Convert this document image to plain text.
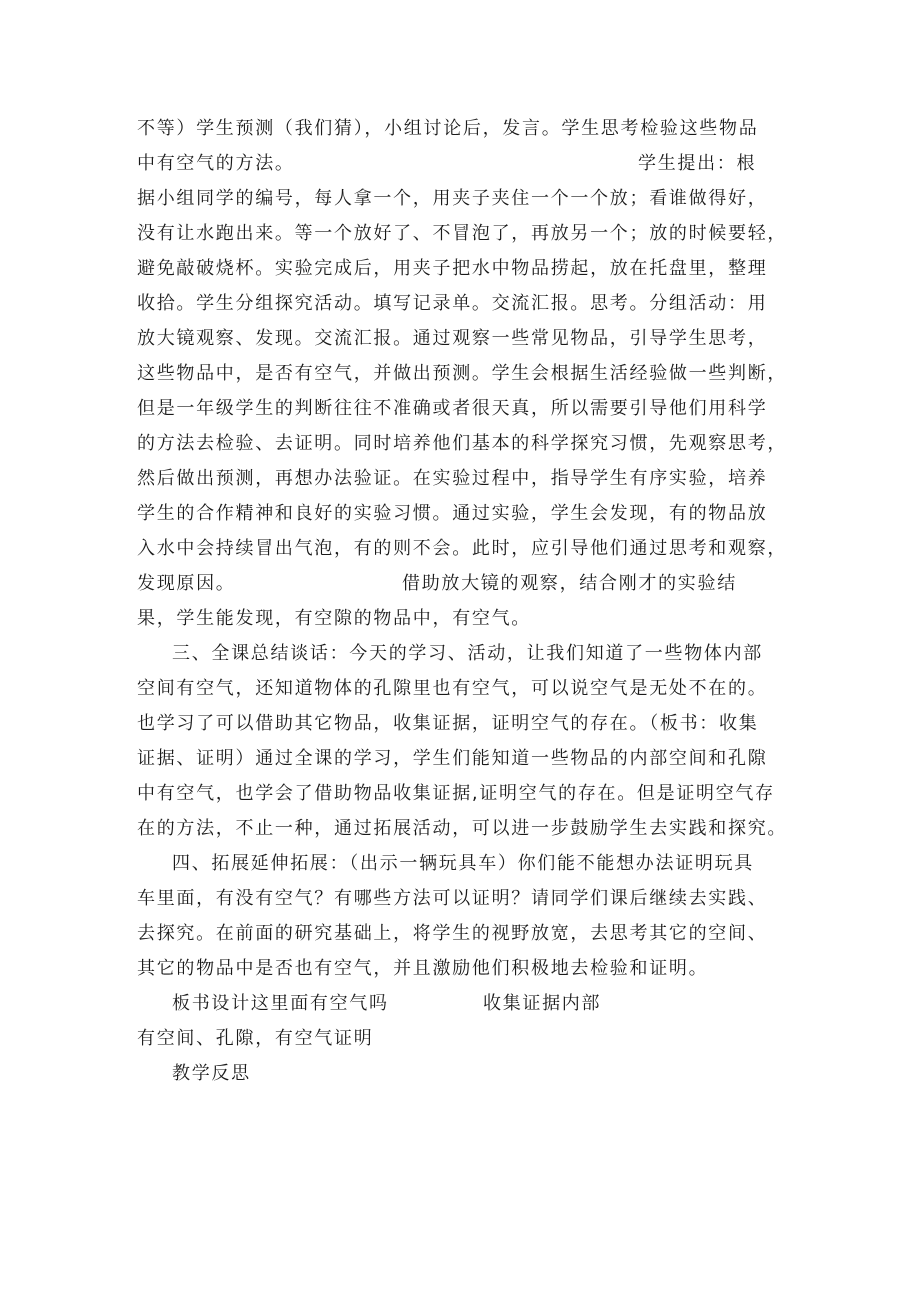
不等）学生预测（我们猜），小组讨论后，发言。学生思考检验这些物品
中有空气的方法。	学生提出：根
据小组同学的编号，每人拿一个，用夹子夹住一个一个放；看谁做得好，
没有让水跑出来。等一个放好了、不冒泡了，再放另一个；放的时候要轻，
避免敲破烧杯。实验完成后，用夹子把水中物品捞起，放在托盘里，整理
收拾。学生分组探究活动。填写记录单。交流汇报。思考。分组活动：用
放大镜观察、发现。交流汇报。通过观察一些常见物品，引导学生思考，
这些物品中，是否有空气，并做出预测。学生会根据生活经验做一些判断，
但是一年级学生的判断往往不准确或者很天真，所以需要引导他们用科学
的方法去检验、去证明。同时培养他们基本的科学探究习惯，先观察思考，
然后做出预测，再想办法验证。在实验过程中，指导学生有序实验，培养
学生的合作精神和良好的实验习惯。通过实验，学生会发现，有的物品放
入水中会持续冒出气泡，有的则不会。此时，应引导他们通过思考和观察，
发现原因。	借助放大镜的观察，结合刚才的实验结
果，学生能发现，有空隙的物品中，有空气。
三、全课总结谈话：今天的学习、活动，让我们知道了一些物体内部
空间有空气，还知道物体的孔隙里也有空气，可以说空气是无处不在的。
也学习了可以借助其它物品，收集证据，证明空气的存在。（板书：收集
证据、证明）通过全课的学习，学生们能知道一些物品的内部空间和孔隙
中有空气，也学会了借助物品收集证据,证明空气的存在。但是证明空气存
在的方法，不止一种，通过拓展活动，可以进一步鼓励学生去实践和探究。
四、拓展延伸拓展：（出示一辆玩具车）你们能不能想办法证明玩具
车里面，有没有空气？有哪些方法可以证明？请同学们课后继续去实践、
去探究。在前面的研究基础上，将学生的视野放宽，去思考其它的空间、
其它的物品中是否也有空气，并且激励他们积极地去检验和证明。
板书设计这里面有空气吗	收集证据内部
有空间、孔隙，有空气证明
教学反思
